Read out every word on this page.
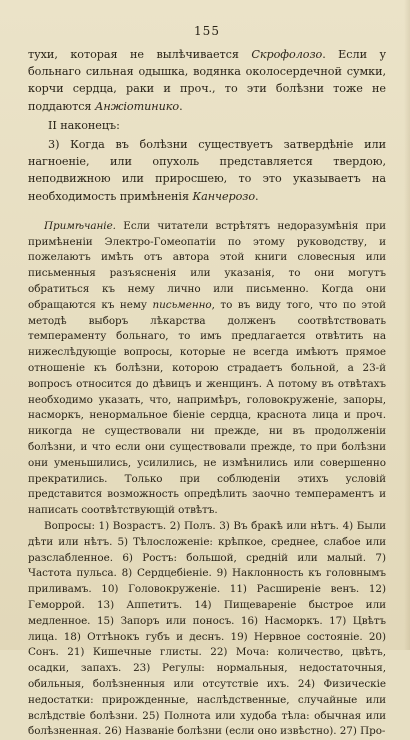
155

тухи, которая не вылѣчивается Скрофолозо. Если у больнаго сильная одышка, водянка околосердечной сумки, корчи сердца, раки и проч., то эти болѣзни тоже не поддаются Анжіотинико.

II наконецъ:

3) Когда въ болѣзни существуетъ затвердѣніе или нагноеніе, или опухоль представляется твердою, неподвижною или приросшею, то это указываетъ на необходимость примѣненія Канчерозо.

Примѣчаніе. Если читатели встрѣтятъ недоразумѣнія при примѣненіи Электро-Гомеопатіи по этому руководству, и пожелаютъ имѣть отъ автора этой книги словесныя или письменныя разъясненія или указанія, то они могутъ обратиться къ нему лично или письменно. Когда они обращаются къ нему письменно, то въ виду того, что по этой методѣ выборъ лѣкарства долженъ соотвѣтствовать темпераменту больнаго, то имъ предлагается отвѣтить на нижеслѣдующіе вопросы, которые не всегда имѣютъ прямое отношеніе къ болѣзни, которою страдаетъ больной, а 23-й вопросъ относится до дѣвицъ и женщинъ. А потому въ отвѣтахъ необходимо указать, что, напримѣръ, головокруженіе, запоры, насморкъ, ненормальное біеніе сердца, краснота лица и проч. никогда не существовали ни прежде, ни въ продолженіи болѣзни, и что если они существовали прежде, то при болѣзни они уменьшились, усилились, не измѣнились или совершенно прекратились. Только при соблюденіи этихъ условій представится возможность опредѣлить заочно темпераментъ и написать соотвѣтствующій отвѣтъ.

Вопросы: 1) Возрастъ. 2) Полъ. 3) Въ бракѣ или нѣтъ. 4) Были дѣти или нѣтъ. 5) Тѣлосложеніе: крѣпкое, среднее, слабое или разслабленное. 6) Ростъ: большой, средній или малый. 7) Частота пульса. 8) Сердцебіеніе. 9) Наклонность къ головнымъ приливамъ. 10) Головокруженіе. 11) Расширеніе венъ. 12) Геморрой. 13) Аппетитъ. 14) Пищевареніе быстрое или медленное. 15) Запоръ или поносъ. 16) Насморкъ. 17) Цвѣтъ лица. 18) Оттѣнокъ губъ и деснъ. 19) Нервное состояніе. 20) Сонъ. 21) Кишечные глисты. 22) Моча: количество, цвѣтъ, осадки, запахъ. 23) Регулы: нормальныя, недостаточныя, обильныя, болѣзненныя или отсутствіе ихъ. 24) Физическіе недостатки: прирожденные, наслѣдственные, случайные или вслѣдствіе болѣзни. 25) Полнота или худоба тѣла: обычная или болѣзненная. 26) Названіе болѣзни (если оно извѣстно). 27) Про-
